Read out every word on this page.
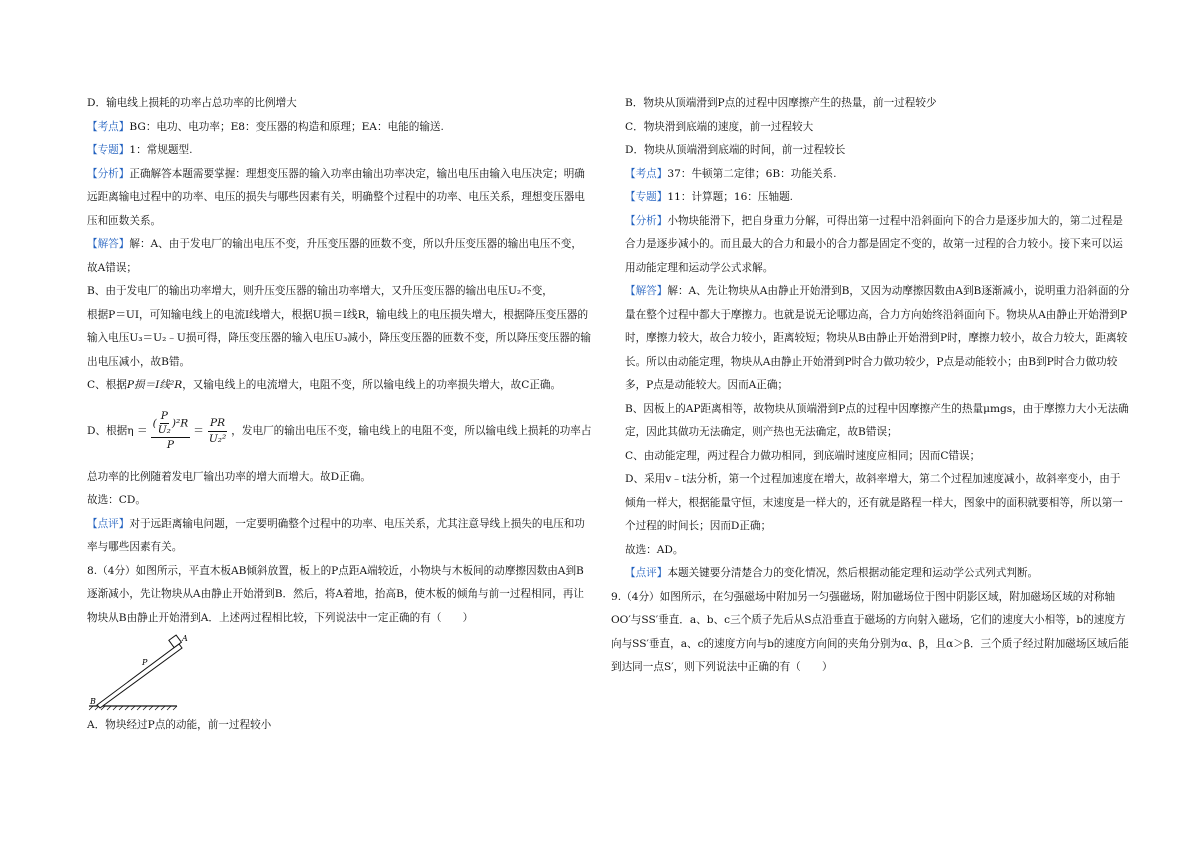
D．输电线上损耗的功率占总功率的比例增大

【考点】BG：电功、电功率；E8：变压器的构造和原理；EA：电能的输送.

【专题】1：常规题型.

【分析】正确解答本题需要掌握：理想变压器的输入功率由输出功率决定，输出电压由输入电压决定；明确远距离输电过程中的功率、电压的损失与哪些因素有关，明确整个过程中的功率、电压关系，理想变压器电压和匝数关系。

【解答】解：A、由于发电厂的输出电压不变，升压变压器的匝数不变，所以升压变压器的输出电压不变，故A错误；

B、由于发电厂的输出功率增大，则升压变压器的输出功率增大，又升压变压器的输出电压U₂不变，

根据P＝UI，可知输电线上的电流I线增大，根据U损＝I线R，输电线上的电压损失增大，根据降压变压器的输入电压U₃＝U₂﹣U损可得，降压变压器的输入电压U₃减小，降压变压器的匝数不变，所以降压变压器的输出电压减小，故B错。

C、根据P损＝I线²R，又输电线上的电流增大，电阻不变，所以输电线上的功率损失增大，故C正确。

D、根据$\eta = \frac{( \frac{P}{\text{U₂}} )^2R}{P} = \frac{PR}{\text{U₂²}}$ ，发电厂的输出电压不变，输电线上的电阻不变，所以输电线上损耗的功率占

总功率的比例随着发电厂输出功率的增大而增大。故D正确。

故选：CD。

【点评】对于远距离输电问题，一定要明确整个过程中的功率、电压关系，尤其注意导线上损失的电压和功率与哪些因素有关。

8.（4分）如图所示，平直木板AB倾斜放置，板上的P点距A端较近，小物块与木板间的动摩擦因数由A到B逐渐减小，先让物块从A由静止开始滑到B．然后，将A着地，抬高B，使木板的倾角与前一过程相同，再让物块从B由静止开始滑到A．上述两过程相比较，下列说法中一定正确的有（　　）

A
P
B

A．物块经过P点的动能，前一过程较小

B．物块从顶端滑到P点的过程中因摩擦产生的热量，前一过程较少

C．物块滑到底端的速度，前一过程较大

D．物块从顶端滑到底端的时间，前一过程较长

【考点】37：牛顿第二定律；6B：功能关系.

【专题】11：计算题；16：压轴题.

【分析】小物块能滑下，把自身重力分解，可得出第一过程中沿斜面向下的合力是逐步加大的，第二过程是合力是逐步减小的。而且最大的合力和最小的合力都是固定不变的，故第一过程的合力较小。接下来可以运用动能定理和运动学公式求解。

【解答】解：A、先让物块从A由静止开始滑到B，又因为动摩擦因数由A到B逐渐减小，说明重力沿斜面的分量在整个过程中都大于摩擦力。也就是说无论哪边高，合力方向始终沿斜面向下。物块从A由静止开始滑到P时，摩擦力较大，故合力较小，距离较短；物块从B由静止开始滑到P时，摩擦力较小，故合力较大，距离较长。所以由动能定理，物块从A由静止开始滑到P时合力做功较少，P点是动能较小；由B到P时合力做功较多，P点是动能较大。因而A正确；

B、因板上的AP距离相等，故物块从顶端滑到P点的过程中因摩擦产生的热量μmgs，由于摩擦力大小无法确定，因此其做功无法确定，则产热也无法确定，故B错误；

C、由动能定理，两过程合力做功相同，到底端时速度应相同；因而C错误；

D、采用v﹣t法分析，第一个过程加速度在增大，故斜率增大，第二个过程加速度减小，故斜率变小，由于倾角一样大，根据能量守恒，末速度是一样大的，还有就是路程一样大，图象中的面积就要相等，所以第一个过程的时间长；因而D正确；

故选：AD。

【点评】本题关键要分清楚合力的变化情况，然后根据动能定理和运动学公式列式判断。

9.（4分）如图所示，在匀强磁场中附加另一匀强磁场，附加磁场位于图中阴影区域，附加磁场区域的对称轴OO′与SS′垂直．a、b、c三个质子先后从S点沿垂直于磁场的方向射入磁场，它们的速度大小相等，b的速度方向与SS′垂直，a、c的速度方向与b的速度方向间的夹角分别为α、β，且α＞β．三个质子经过附加磁场区域后能到达同一点S′，则下列说法中正确的有（　　）
